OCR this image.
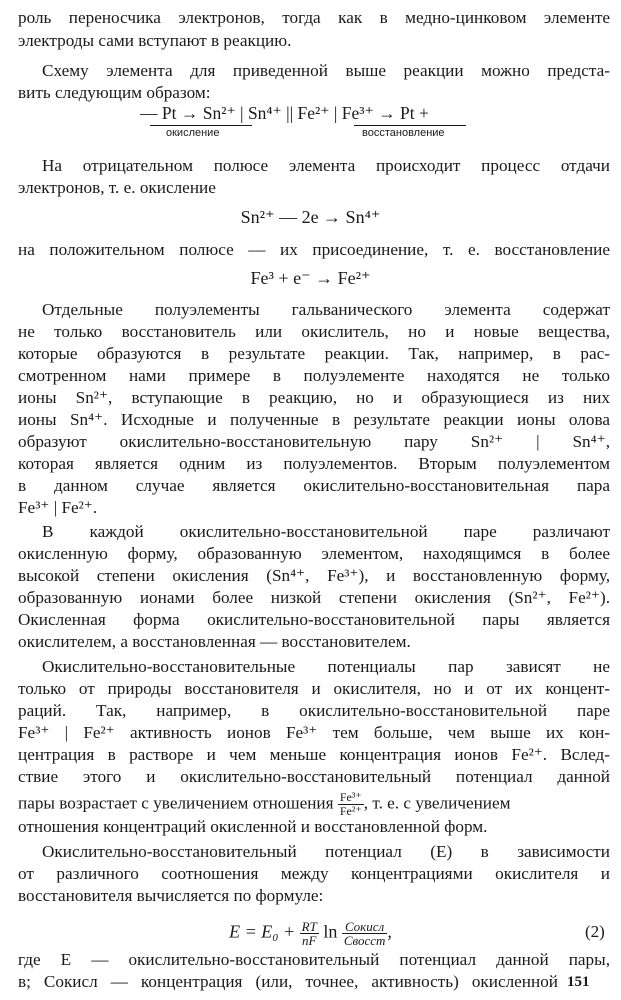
роль переносчика электронов, тогда как в медно-цинковом элементе
электроды сами вступают в реакцию.
Схему элемента для приведенной выше реакции можно предста-
вить следующим образом:
— Pt → Sn²⁺ | Sn⁴⁺ || Fe²⁺ | Fe³⁺ → Pt +
окисление	восстановление
На отрицательном полюсе элемента происходит процесс отдачи
электронов, т. е. окисление
Sn²⁺ — 2e → Sn⁴⁺
на положительном полюсе — их присоединение, т. е. восстановление
Fe³ + e⁻ → Fe²⁺
Отдельные полуэлементы гальванического элемента содержат
не только восстановитель или окислитель, но и новые вещества,
которые образуются в результате реакции. Так, например, в рас-
смотренном нами примере в полуэлементе находятся не только
ионы Sn²⁺, вступающие в реакцию, но и образующиеся из них
ионы Sn⁴⁺. Исходные и полученные в результате реакции ионы олова
образуют окислительно-восстановительную пару Sn²⁺ | Sn⁴⁺,
которая является одним из полуэлементов. Вторым полуэлементом
в данном случае является окислительно-восстановительная пара
Fe³⁺ | Fe²⁺.
В каждой окислительно-восстановительной паре различают
окисленную форму, образованную элементом, находящимся в более
высокой степени окисления (Sn⁴⁺, Fe³⁺), и восстановленную форму,
образованную ионами более низкой степени окисления (Sn²⁺, Fe²⁺).
Окисленная форма окислительно-восстановительной пары является
окислителем, а восстановленная — восстановителем.
Окислительно-восстановительные потенциалы пар зависят не
только от природы восстановителя и окислителя, но и от их концент-
раций. Так, например, в окислительно-восстановительной паре
Fe³⁺ | Fe²⁺ активность ионов Fe³⁺ тем больше, чем выше их кон-
центрация в растворе и чем меньше концентрация ионов Fe²⁺. Вслед-
ствие этого и окислительно-восстановительный потенциал данной
пары возрастает с увеличением отношения $\frac{\text{Fe³⁺}}{\text{Fe²⁺}}$ , т. е. с увеличением
отношения концентраций окисленной и восстановленной форм.
Окислительно-восстановительный потенциал (E) в зависимости
от различного соотношения между концентрациями окислителя и
восстановителя вычисляется по формуле:
$E = E_0 + \frac{RT}{nF}$ $\ln \frac{\text{Cокисл}}{\text{Cвосст}}$ ,	(2)
где E — окислительно-восстановительный потенциал данной пары,
в; Cокисл — концентрация (или, точнее, активность) окисленной 151
